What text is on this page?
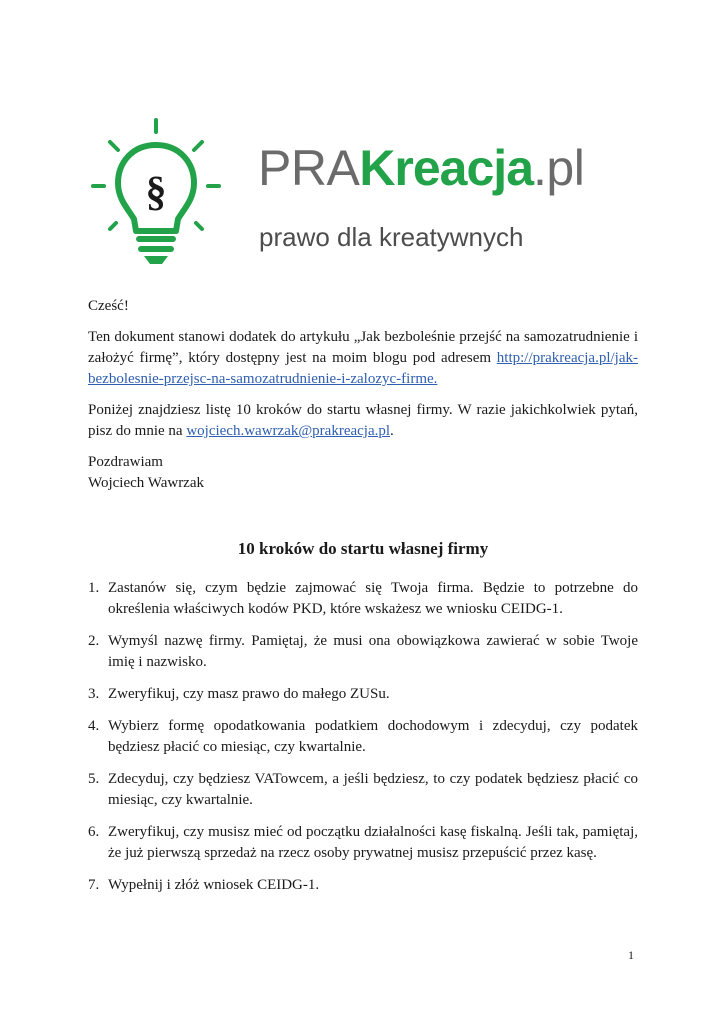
§ PRAKreacja.pl
prawo dla kreatywnych

Cześć!

Ten dokument stanowi dodatek do artykułu „Jak bezboleśnie przejść na samozatrudnienie i założyć firmę”, który dostępny jest na moim blogu pod adresem http://prakreacja.pl/jak-bezbolesnie-przejsc-na-samozatrudnienie-i-zalozyc-firme.

Poniżej znajdziesz listę 10 kroków do startu własnej firmy. W razie jakichkolwiek pytań, pisz do mnie na wojciech.wawrzak@prakreacja.pl.

Pozdrawiam
Wojciech Wawrzak
10 kroków do startu własnej firmy
1. Zastanów się, czym będzie zajmować się Twoja firma. Będzie to potrzebne do określenia właściwych kodów PKD, które wskażesz we wniosku CEIDG-1.
2. Wymyśl nazwę firmy. Pamiętaj, że musi ona obowiązkowa zawierać w sobie Twoje imię i nazwisko.
3. Zweryfikuj, czy masz prawo do małego ZUSu.
4. Wybierz formę opodatkowania podatkiem dochodowym i zdecyduj, czy podatek będziesz płacić co miesiąc, czy kwartalnie.
5. Zdecyduj, czy będziesz VATowcem, a jeśli będziesz, to czy podatek będziesz płacić co miesiąc, czy kwartalnie.
6. Zweryfikuj, czy musisz mieć od początku działalności kasę fiskalną. Jeśli tak, pamiętaj, że już pierwszą sprzedaż na rzecz osoby prywatnej musisz przepuścić przez kasę.
7. Wypełnij i złóż wniosek CEIDG-1.
1
